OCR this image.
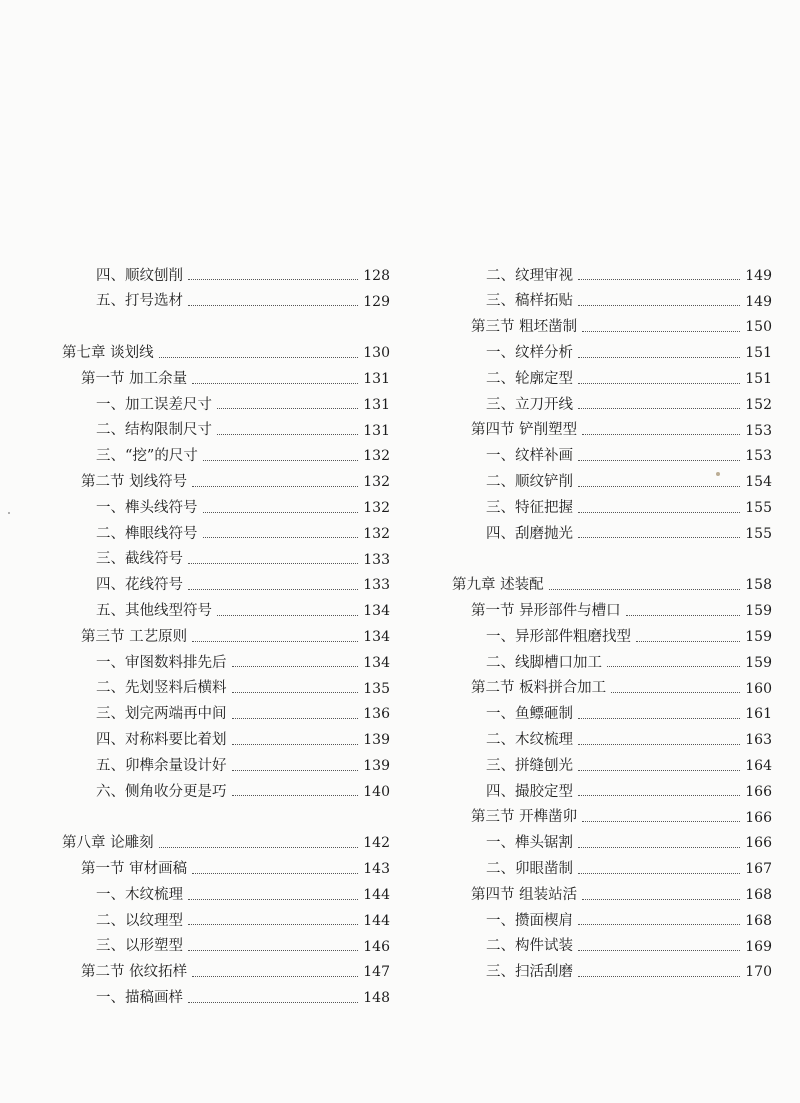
四、顺纹刨削	128
五、打号选材	129
第七章 谈划线	130
第一节 加工余量	131
一、加工误差尺寸	131
二、结构限制尺寸	131
三、“挖”的尺寸	132
第二节 划线符号	132
一、榫头线符号	132
二、榫眼线符号	132
三、截线符号	133
四、花线符号	133
五、其他线型符号	134
第三节 工艺原则	134
一、审图数料排先后	134
二、先划竖料后横料	135
三、划完两端再中间	136
四、对称料要比着划	139
五、卯榫余量设计好	139
六、侧角收分更是巧	140
第八章 论雕刻	142
第一节 审材画稿	143
一、木纹梳理	144
二、以纹理型	144
三、以形塑型	146
第二节 依纹拓样	147
一、描稿画样	148
二、纹理审视	149
三、稿样拓贴	149
第三节 粗坯凿制	150
一、纹样分析	151
二、轮廓定型	151
三、立刀开线	152
第四节 铲削塑型	153
一、纹样补画	153
二、顺纹铲削	154
三、特征把握	155
四、刮磨抛光	155
第九章 述装配	158
第一节 异形部件与槽口	159
一、异形部件粗磨找型	159
二、线脚槽口加工	159
第二节 板料拼合加工	160
一、鱼鳔砸制	161
二、木纹梳理	163
三、拼缝刨光	164
四、撮胶定型	166
第三节 开榫凿卯	166
一、榫头锯割	166
二、卯眼凿制	167
第四节 组装站活	168
一、攒面楔肩	168
二、构件试装	169
三、扫活刮磨	170
